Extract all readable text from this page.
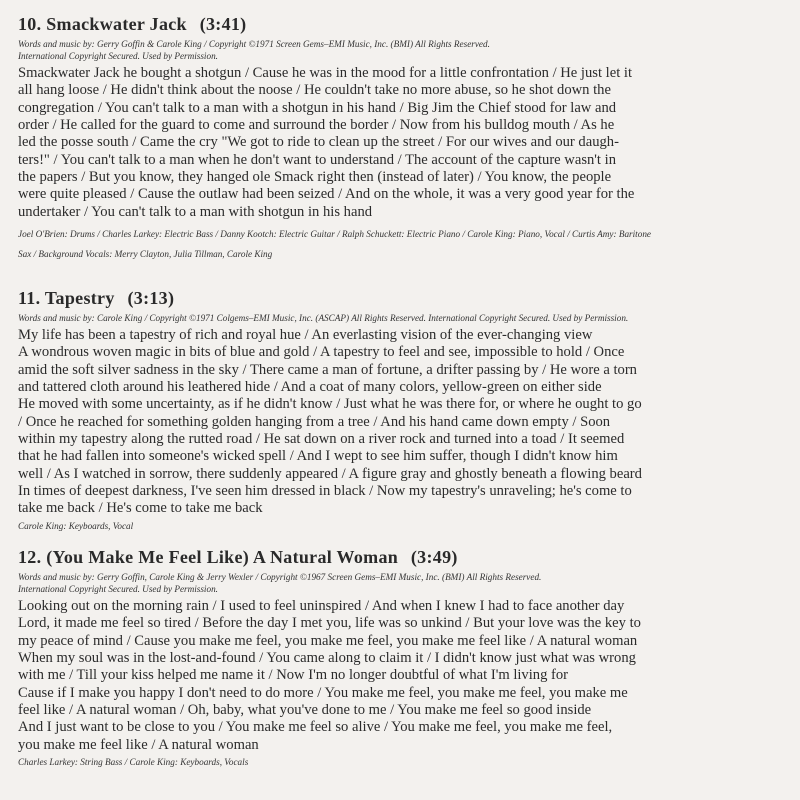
10. Smackwater Jack (3:41)
Words and music by: Gerry Goffin & Carole King / Copyright ©1971 Screen Gems–EMI Music, Inc. (BMI) All Rights Reserved.
International Copyright Secured. Used by Permission.
Smackwater Jack he bought a shotgun / Cause he was in the mood for a little confrontation / He just let it
all hang loose / He didn't think about the noose / He couldn't take no more abuse, so he shot down the
congregation / You can't talk to a man with a shotgun in his hand / Big Jim the Chief stood for law and
order / He called for the guard to come and surround the border / Now from his bulldog mouth / As he
led the posse south / Came the cry "We got to ride to clean up the street / For our wives and our daugh-
ters!" / You can't talk to a man when he don't want to understand / The account of the capture wasn't in
the papers / But you know, they hanged ole Smack right then (instead of later) / You know, the people
were quite pleased / Cause the outlaw had been seized / And on the whole, it was a very good year for the
undertaker / You can't talk to a man with shotgun in his hand
Joel O'Brien: Drums / Charles Larkey: Electric Bass / Danny Kootch: Electric Guitar / Ralph Schuckett: Electric Piano / Carole King: Piano, Vocal / Curtis Amy: Baritone
Sax / Background Vocals: Merry Clayton, Julia Tillman, Carole King
11. Tapestry (3:13)
Words and music by: Carole King / Copyright ©1971 Colgems–EMI Music, Inc. (ASCAP) All Rights Reserved. International Copyright Secured. Used by Permission.
My life has been a tapestry of rich and royal hue / An everlasting vision of the ever-changing view
A wondrous woven magic in bits of blue and gold / A tapestry to feel and see, impossible to hold / Once
amid the soft silver sadness in the sky / There came a man of fortune, a drifter passing by / He wore a torn
and tattered cloth around his leathered hide / And a coat of many colors, yellow-green on either side
He moved with some uncertainty, as if he didn't know / Just what he was there for, or where he ought to go
/ Once he reached for something golden hanging from a tree / And his hand came down empty / Soon
within my tapestry along the rutted road / He sat down on a river rock and turned into a toad / It seemed
that he had fallen into someone's wicked spell / And I wept to see him suffer, though I didn't know him
well / As I watched in sorrow, there suddenly appeared / A figure gray and ghostly beneath a flowing beard
In times of deepest darkness, I've seen him dressed in black / Now my tapestry's unraveling; he's come to
take me back / He's come to take me back
Carole King: Keyboards, Vocal
12. (You Make Me Feel Like) A Natural Woman (3:49)
Words and music by: Gerry Goffin, Carole King & Jerry Wexler / Copyright ©1967 Screen Gems–EMI Music, Inc. (BMI) All Rights Reserved.
International Copyright Secured. Used by Permission.
Looking out on the morning rain / I used to feel uninspired / And when I knew I had to face another day
Lord, it made me feel so tired / Before the day I met you, life was so unkind / But your love was the key to
my peace of mind / Cause you make me feel, you make me feel, you make me feel like / A natural woman
When my soul was in the lost-and-found / You came along to claim it / I didn't know just what was wrong
with me / Till your kiss helped me name it / Now I'm no longer doubtful of what I'm living for
Cause if I make you happy I don't need to do more / You make me feel, you make me feel, you make me
feel like / A natural woman / Oh, baby, what you've done to me / You make me feel so good inside
And I just want to be close to you / You make me feel so alive / You make me feel, you make me feel,
you make me feel like / A natural woman
Charles Larkey: String Bass / Carole King: Keyboards, Vocals
